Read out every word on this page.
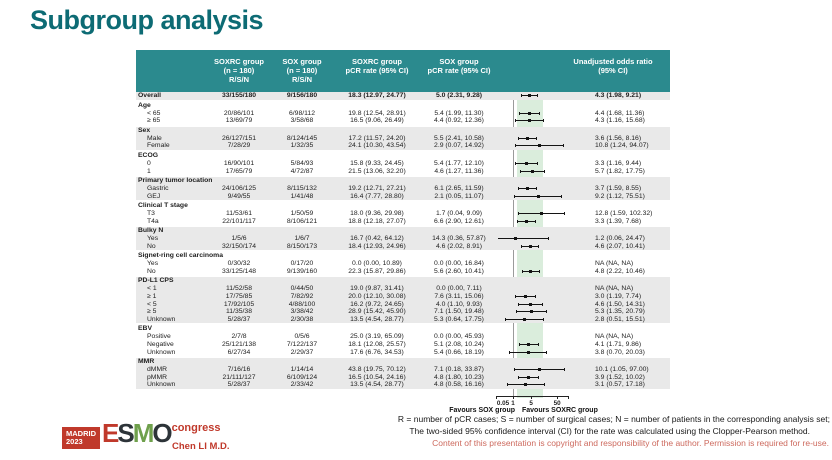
Subgroup analysis
SOXRC group
(n = 180)
R/S/N
SOX group
(n = 180)
R/S/N
SOXRC group
pCR rate (95% CI)
SOX group
pCR rate (95% CI)
Unadjusted odds ratio
(95% CI)
Overall	33/155/180	9/156/180	18.3 (12.97, 24.77)	5.0 (2.31, 9.28)	4.3 (1.98, 9.21)
Age
< 65	20/86/101	6/98/112	19.8 (12.54, 28.91)	5.4 (1.99, 11.30)	4.4 (1.68, 11.36)
≥ 65	13/69/79	3/58/68	16.5 (9.06, 26.49)	4.4 (0.92, 12.36)	4.3 (1.16, 15.68)
Sex
Male	26/127/151	8/124/145	17.2 (11.57, 24.20)	5.5 (2.41, 10.58)	3.6 (1.56, 8.16)
Female	7/28/29	1/32/35	24.1 (10.30, 43.54)	2.9 (0.07, 14.92)	10.8 (1.24, 94.07)
ECOG
0	16/90/101	5/84/93	15.8 (9.33, 24.45)	5.4 (1.77, 12.10)	3.3 (1.16, 9.44)
1	17/65/79	4/72/87	21.5 (13.06, 32.20)	4.6 (1.27, 11.36)	5.7 (1.82, 17.75)
Primary tumor location
Gastric	24/106/125	8/115/132	19.2 (12.71, 27.21)	6.1 (2.65, 11.59)	3.7 (1.59, 8.55)
GEJ	9/49/55	1/41/48	16.4 (7.77, 28.80)	2.1 (0.05, 11.07)	9.2 (1.12, 75.51)
Clinical T stage
T3	11/53/61	1/50/59	18.0 (9.36, 29.98)	1.7 (0.04, 9.09)	12.8 (1.59, 102.32)
T4a	22/101/117	8/106/121	18.8 (12.18, 27.07)	6.6 (2.90, 12.61)	3.3 (1.39, 7.68)
Bulky N
Yes	1/5/6	1/6/7	16.7 (0.42, 64.12)	14.3 (0.36, 57.87)	1.2 (0.06, 24.47)
No	32/150/174	8/150/173	18.4 (12.93, 24.96)	4.6 (2.02, 8.91)	4.6 (2.07, 10.41)
Signet-ring cell carcinoma
Yes	0/30/32	0/17/20	0.0 (0.00, 10.89)	0.0 (0.00, 16.84)	NA (NA, NA)
No	33/125/148	9/139/160	22.3 (15.87, 29.86)	5.6 (2.60, 10.41)	4.8 (2.22, 10.46)
PD-L1 CPS
< 1	11/52/58	0/44/50	19.0 (9.87, 31.41)	0.0 (0.00, 7.11)	NA (NA, NA)
≥ 1	17/75/85	7/82/92	20.0 (12.10, 30.08)	7.6 (3.11, 15.06)	3.0 (1.19, 7.74)
< 5	17/92/105	4/88/100	16.2 (9.72, 24.65)	4.0 (1.10, 9.93)	4.6 (1.50, 14.31)
≥ 5	11/35/38	3/38/42	28.9 (15.42, 45.90)	7.1 (1.50, 19.48)	5.3 (1.35, 20.79)
Unknown	5/28/37	2/30/38	13.5 (4.54, 28.77)	5.3 (0.64, 17.75)	2.8 (0.51, 15.51)
EBV
Positive	2/7/8	0/5/6	25.0 (3.19, 65.09)	0.0 (0.00, 45.93)	NA (NA, NA)
Negative	25/121/138	7/122/137	18.1 (12.08, 25.57)	5.1 (2.08, 10.24)	4.1 (1.71, 9.86)
Unknown	6/27/34	2/29/37	17.6 (6.76, 34.53)	5.4 (0.66, 18.19)	3.8 (0.70, 20.03)
MMR
dMMR	7/16/16	1/14/14	43.8 (19.75, 70.12)	7.1 (0.18, 33.87)	10.1 (1.05, 97.00)
pMMR	21/111/127	6/109/124	16.5 (10.54, 24.16)	4.8 (1.80, 10.23)	3.9 (1.52, 10.02)
Unknown	5/28/37	2/33/42	13.5 (4.54, 28.77)	4.8 (0.58, 16.16)	3.1 (0.57, 17.18)
Favours SOX group Favours SOXRC group
0.05 1 5	50
R = number of pCR cases; S = number of surgical cases; N = number of patients in the corresponding analysis set;
The two-sided 95% confidence interval (CI) for the rate was calculated using the Clopper-Pearson method.
Content of this presentation is copyright and responsibility of the author. Permission is required for re-use.
MADRID
2023 ESMO congress
Chen LI M.D.
